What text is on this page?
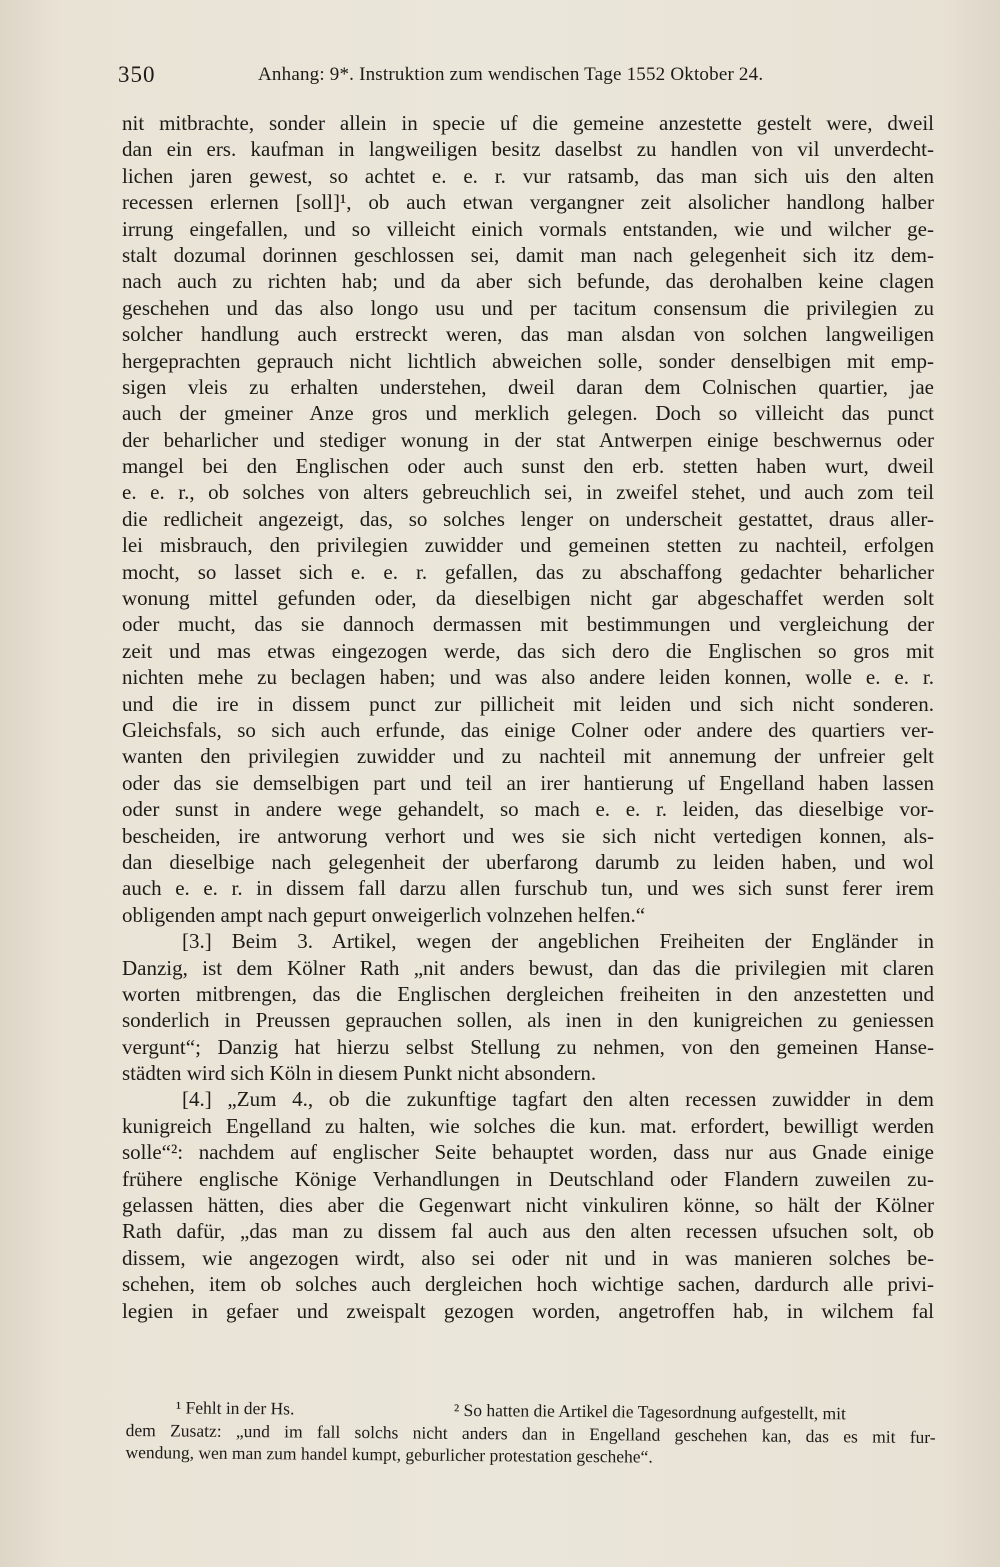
350	Anhang: 9*. Instruktion zum wendischen Tage 1552 Oktober 24.
nit mitbrachte, sonder allein in specie uf die gemeine anzestette gestelt were, dweil
dan ein ers. kaufman in langweiligen besitz daselbst zu handlen von vil unverdecht-
lichen jaren gewest, so achtet e. e. r. vur ratsamb, das man sich uis den alten
recessen erlernen [soll]¹, ob auch etwan vergangner zeit alsolicher handlong halber
irrung eingefallen, und so villeicht einich vormals entstanden, wie und wilcher ge-
stalt dozumal dorinnen geschlossen sei, damit man nach gelegenheit sich itz dem-
nach auch zu richten hab; und da aber sich befunde, das derohalben keine clagen
geschehen und das also longo usu und per tacitum consensum die privilegien zu
solcher handlung auch erstreckt weren, das man alsdan von solchen langweiligen
hergeprachten geprauch nicht lichtlich abweichen solle, sonder denselbigen mit emp-
sigen vleis zu erhalten understehen, dweil daran dem Colnischen quartier, jae
auch der gmeiner Anze gros und merklich gelegen. Doch so villeicht das punct
der beharlicher und stediger wonung in der stat Antwerpen einige beschwernus oder
mangel bei den Englischen oder auch sunst den erb. stetten haben wurt, dweil
e. e. r., ob solches von alters gebreuchlich sei, in zweifel stehet, und auch zom teil
die redlicheit angezeigt, das, so solches lenger on underscheit gestattet, draus aller-
lei misbrauch, den privilegien zuwidder und gemeinen stetten zu nachteil, erfolgen
mocht, so lasset sich e. e. r. gefallen, das zu abschaffong gedachter beharlicher
wonung mittel gefunden oder, da dieselbigen nicht gar abgeschaffet werden solt
oder mucht, das sie dannoch dermassen mit bestimmungen und vergleichung der
zeit und mas etwas eingezogen werde, das sich dero die Englischen so gros mit
nichten mehe zu beclagen haben; und was also andere leiden konnen, wolle e. e. r.
und die ire in dissem punct zur pillicheit mit leiden und sich nicht sonderen.
Gleichsfals, so sich auch erfunde, das einige Colner oder andere des quartiers ver-
wanten den privilegien zuwidder und zu nachteil mit annemung der unfreier gelt
oder das sie demselbigen part und teil an irer hantierung uf Engelland haben lassen
oder sunst in andere wege gehandelt, so mach e. e. r. leiden, das dieselbige vor-
bescheiden, ire antworung verhort und wes sie sich nicht vertedigen konnen, als-
dan dieselbige nach gelegenheit der uberfarong darumb zu leiden haben, und wol
auch e. e. r. in dissem fall darzu allen furschub tun, und wes sich sunst ferer irem
obligenden ampt nach gepurt onweigerlich volnzehen helfen.“
[3.] Beim 3. Artikel, wegen der angeblichen Freiheiten der Engländer in
Danzig, ist dem Kölner Rath „nit anders bewust, dan das die privilegien mit claren
worten mitbrengen, das die Englischen dergleichen freiheiten in den anzestetten und
sonderlich in Preussen geprauchen sollen, als inen in den kunigreichen zu geniessen
vergunt“; Danzig hat hierzu selbst Stellung zu nehmen, von den gemeinen Hanse-
städten wird sich Köln in diesem Punkt nicht absondern.
[4.] „Zum 4., ob die zukunftige tagfart den alten recessen zuwidder in dem
kunigreich Engelland zu halten, wie solches die kun. mat. erfordert, bewilligt werden
solle“²: nachdem auf englischer Seite behauptet worden, dass nur aus Gnade einige
frühere englische Könige Verhandlungen in Deutschland oder Flandern zuweilen zu-
gelassen hätten, dies aber die Gegenwart nicht vinkuliren könne, so hält der Kölner
Rath dafür, „das man zu dissem fal auch aus den alten recessen ufsuchen solt, ob
dissem, wie angezogen wirdt, also sei oder nit und in was manieren solches be-
schehen, item ob solches auch dergleichen hoch wichtige sachen, dardurch alle privi-
legien in gefaer und zweispalt gezogen worden, angetroffen hab, in wilchem fal
¹ Fehlt in der Hs.	² So hatten die Artikel die Tagesordnung aufgestellt, mit
dem Zusatz: „und im fall solchs nicht anders dan in Engelland geschehen kan, das es mit fur-
wendung, wen man zum handel kumpt, geburlicher protestation geschehe“.
